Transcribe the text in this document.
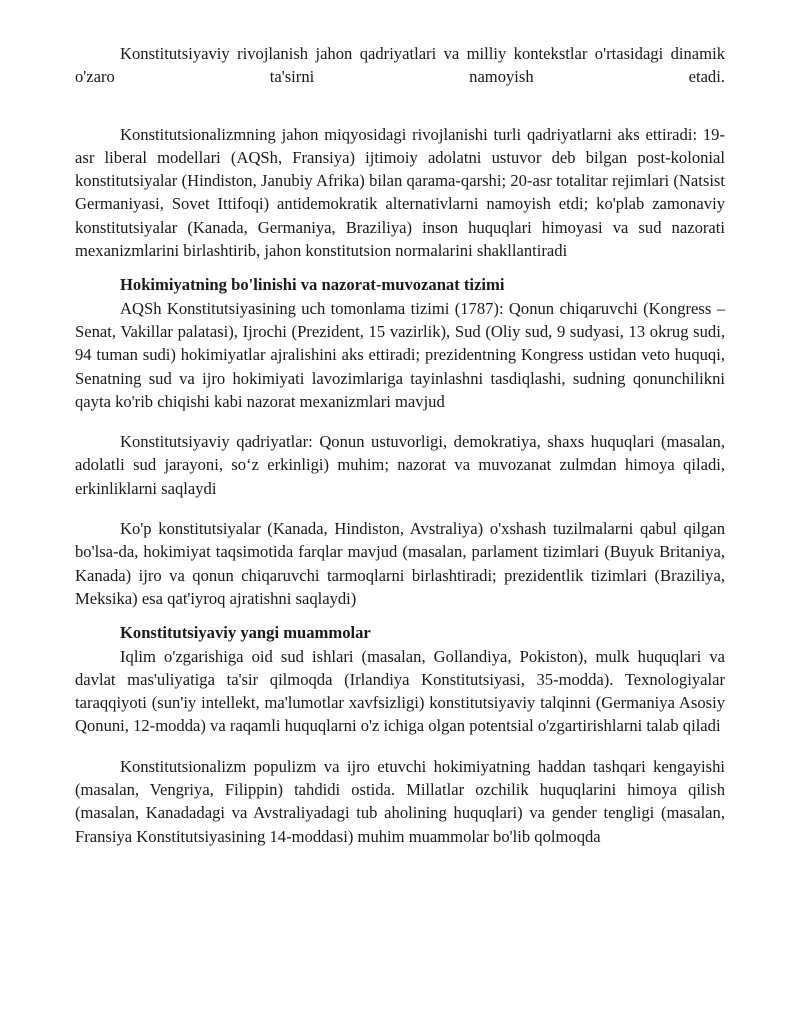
Konstitutsiyaviy rivojlanish jahon qadriyatlari va milliy kontekstlar o'rtasidagi dinamik o'zaro ta'sirni namoyish etadi.

Konstitutsionalizmning jahon miqyosidagi rivojlanishi turli qadriyatlarni aks ettiradi: 19-asr liberal modellari (AQSh, Fransiya) ijtimoiy adolatni ustuvor deb bilgan post-kolonial konstitutsiyalar (Hindiston, Janubiy Afrika) bilan qarama-qarshi; 20-asr totalitar rejimlari (Natsist Germaniyasi, Sovet Ittifoqi) antidemokratik alternativlarni namoyish etdi; ko'plab zamonaviy konstitutsiyalar (Kanada, Germaniya, Braziliya) inson huquqlari himoyasi va sud nazorati mexanizmlarini birlashtirib, jahon konstitutsion normalarini shakllantiradi

Hokimiyatning bo'linishi va nazorat-muvozanat tizimi

AQSh Konstitutsiyasining uch tomonlama tizimi (1787): Qonun chiqaruvchi (Kongress – Senat, Vakillar palatasi), Ijrochi (Prezident, 15 vazirlik), Sud (Oliy sud, 9 sudyasi, 13 okrug sudi, 94 tuman sudi) hokimiyatlar ajralishini aks ettiradi; prezidentning Kongress ustidan veto huquqi, Senatning sud va ijro hokimiyati lavozimlariga tayinlashni tasdiqlashi, sudning qonunchilikni qayta ko'rib chiqishi kabi nazorat mexanizmlari mavjud

Konstitutsiyaviy qadriyatlar: Qonun ustuvorligi, demokratiya, shaxs huquqlari (masalan, adolatli sud jarayoni, so‘z erkinligi) muhim; nazorat va muvozanat zulmdan himoya qiladi, erkinliklarni saqlaydi

Ko'p konstitutsiyalar (Kanada, Hindiston, Avstraliya) o'xshash tuzilmalarni qabul qilgan bo'lsa-da, hokimiyat taqsimotida farqlar mavjud (masalan, parlament tizimlari (Buyuk Britaniya, Kanada) ijro va qonun chiqaruvchi tarmoqlarni birlashtiradi; prezidentlik tizimlari (Braziliya, Meksika) esa qat'iyroq ajratishni saqlaydi)

Konstitutsiyaviy yangi muammolar

Iqlim o'zgarishiga oid sud ishlari (masalan, Gollandiya, Pokiston), mulk huquqlari va davlat mas'uliyatiga ta'sir qilmoqda (Irlandiya Konstitutsiyasi, 35-modda). Texnologiyalar taraqqiyoti (sun'iy intellekt, ma'lumotlar xavfsizligi) konstitutsiyaviy talqinni (Germaniya Asosiy Qonuni, 12-modda) va raqamli huquqlarni o'z ichiga olgan potentsial o'zgartirishlarni talab qiladi

Konstitutsionalizm populizm va ijro etuvchi hokimiyatning haddan tashqari kengayishi (masalan, Vengriya, Filippin) tahdidi ostida. Millatlar ozchilik huquqlarini himoya qilish (masalan, Kanadadagi va Avstraliyadagi tub aholining huquqlari) va gender tengligi (masalan, Fransiya Konstitutsiyasining 14-moddasi) muhim muammolar bo'lib qolmoqda
